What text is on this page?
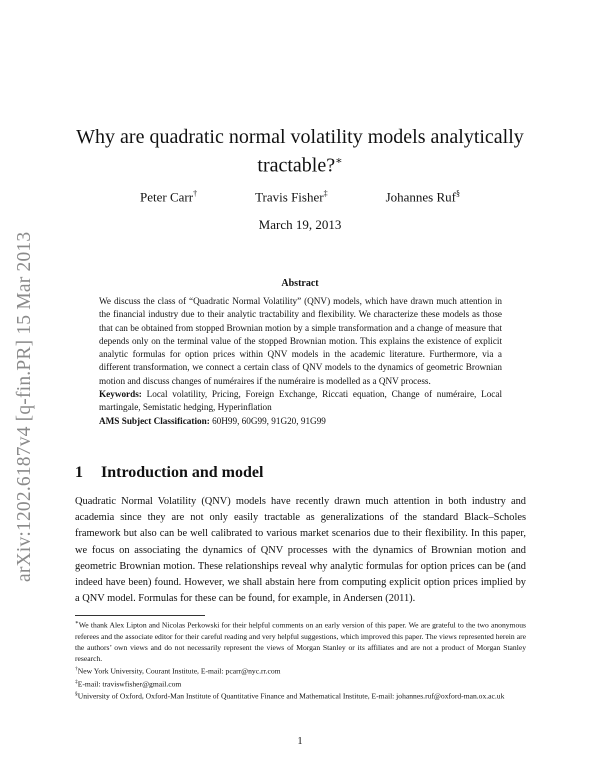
arXiv:1202.6187v4 [q-fin.PR] 15 Mar 2013
Why are quadratic normal volatility models analytically tractable?∗
Peter Carr†	Travis Fisher‡	Johannes Ruf§
March 19, 2013
Abstract

We discuss the class of “Quadratic Normal Volatility” (QNV) models, which have drawn much attention in the financial industry due to their analytic tractability and flexibility. We characterize these models as those that can be obtained from stopped Brownian motion by a simple transformation and a change of measure that depends only on the terminal value of the stopped Brownian motion. This explains the existence of explicit analytic formulas for option prices within QNV models in the academic literature. Furthermore, via a different transformation, we connect a certain class of QNV models to the dynamics of geometric Brownian motion and discuss changes of numéraires if the numéraire is modelled as a QNV process.

Keywords: Local volatility, Pricing, Foreign Exchange, Riccati equation, Change of numéraire, Local martingale, Semistatic hedging, Hyperinflation

AMS Subject Classification: 60H99, 60G99, 91G20, 91G99

1 Introduction and model

Quadratic Normal Volatility (QNV) models have recently drawn much attention in both industry and academia since they are not only easily tractable as generalizations of the standard Black–Scholes framework but also can be well calibrated to various market scenarios due to their flexibility. In this paper, we focus on associating the dynamics of QNV processes with the dynamics of Brownian motion and geometric Brownian motion. These relationships reveal why analytic formulas for option prices can be (and indeed have been) found. However, we shall abstain here from computing explicit option prices implied by a QNV model. Formulas for these can be found, for example, in Andersen (2011).

∗We thank Alex Lipton and Nicolas Perkowski for their helpful comments on an early version of this paper. We are grateful to the two anonymous referees and the associate editor for their careful reading and very helpful suggestions, which improved this paper. The views represented herein are the authors’ own views and do not necessarily represent the views of Morgan Stanley or its affiliates and are not a product of Morgan Stanley research.

†New York University, Courant Institute, E-mail: pcarr@nyc.rr.com

‡E-mail: traviswfisher@gmail.com

§University of Oxford, Oxford-Man Institute of Quantitative Finance and Mathematical Institute, E-mail: johannes.ruf@oxford-man.ox.ac.uk

1
